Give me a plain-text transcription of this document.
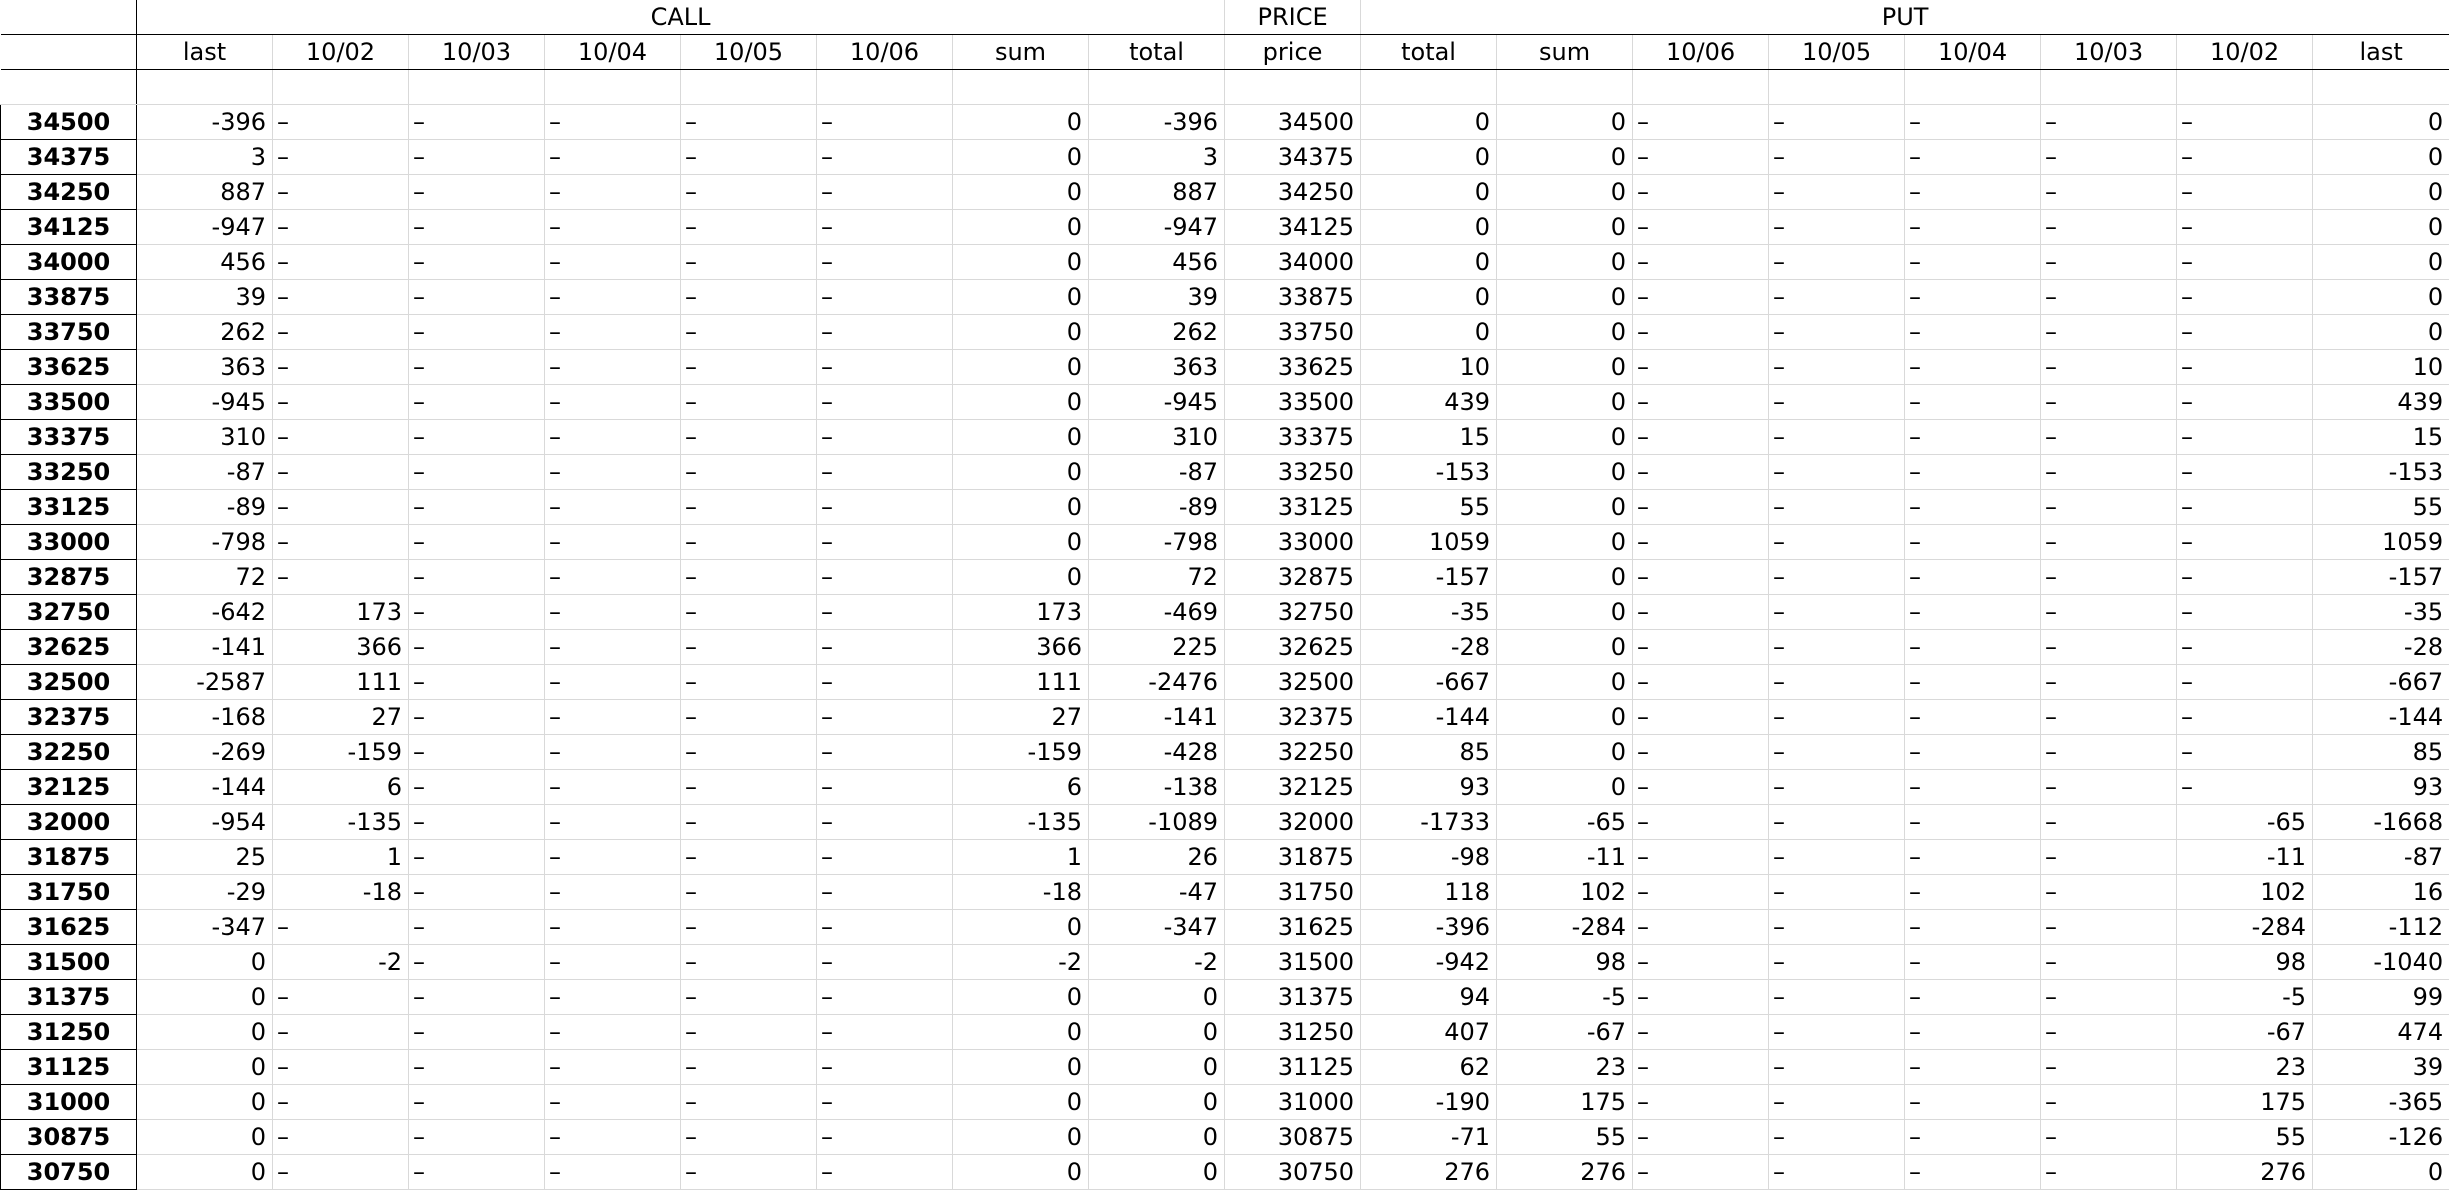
	CALL								PRICE	PUT							
	last	10/02	10/03	10/04	10/05	10/06	sum	total	price	total	sum	10/06	10/05	10/04	10/03	10/02	last

34500	-396	–	–	–	–	–	0	-396	34500	0	0	–	–	–	–	–	0
34375	3	–	–	–	–	–	0	3	34375	0	0	–	–	–	–	–	0
34250	887	–	–	–	–	–	0	887	34250	0	0	–	–	–	–	–	0
34125	-947	–	–	–	–	–	0	-947	34125	0	0	–	–	–	–	–	0
34000	456	–	–	–	–	–	0	456	34000	0	0	–	–	–	–	–	0
33875	39	–	–	–	–	–	0	39	33875	0	0	–	–	–	–	–	0
33750	262	–	–	–	–	–	0	262	33750	0	0	–	–	–	–	–	0
33625	363	–	–	–	–	–	0	363	33625	10	0	–	–	–	–	–	10
33500	-945	–	–	–	–	–	0	-945	33500	439	0	–	–	–	–	–	439
33375	310	–	–	–	–	–	0	310	33375	15	0	–	–	–	–	–	15
33250	-87	–	–	–	–	–	0	-87	33250	-153	0	–	–	–	–	–	-153
33125	-89	–	–	–	–	–	0	-89	33125	55	0	–	–	–	–	–	55
33000	-798	–	–	–	–	–	0	-798	33000	1059	0	–	–	–	–	–	1059
32875	72	–	–	–	–	–	0	72	32875	-157	0	–	–	–	–	–	-157
32750	-642	173	–	–	–	–	173	-469	32750	-35	0	–	–	–	–	–	-35
32625	-141	366	–	–	–	–	366	225	32625	-28	0	–	–	–	–	–	-28
32500	-2587	111	–	–	–	–	111	-2476	32500	-667	0	–	–	–	–	–	-667
32375	-168	27	–	–	–	–	27	-141	32375	-144	0	–	–	–	–	–	-144
32250	-269	-159	–	–	–	–	-159	-428	32250	85	0	–	–	–	–	–	85
32125	-144	6	–	–	–	–	6	-138	32125	93	0	–	–	–	–	–	93
32000	-954	-135	–	–	–	–	-135	-1089	32000	-1733	-65	–	–	–	–	-65	-1668
31875	25	1	–	–	–	–	1	26	31875	-98	-11	–	–	–	–	-11	-87
31750	-29	-18	–	–	–	–	-18	-47	31750	118	102	–	–	–	–	102	16
31625	-347	–	–	–	–	–	0	-347	31625	-396	-284	–	–	–	–	-284	-112
31500	0	-2	–	–	–	–	-2	-2	31500	-942	98	–	–	–	–	98	-1040
31375	0	–	–	–	–	–	0	0	31375	94	-5	–	–	–	–	-5	99
31250	0	–	–	–	–	–	0	0	31250	407	-67	–	–	–	–	-67	474
31125	0	–	–	–	–	–	0	0	31125	62	23	–	–	–	–	23	39
31000	0	–	–	–	–	–	0	0	31000	-190	175	–	–	–	–	175	-365
30875	0	–	–	–	–	–	0	0	30875	-71	55	–	–	–	–	55	-126
30750	0	–	–	–	–	–	0	0	30750	276	276	–	–	–	–	276	0
